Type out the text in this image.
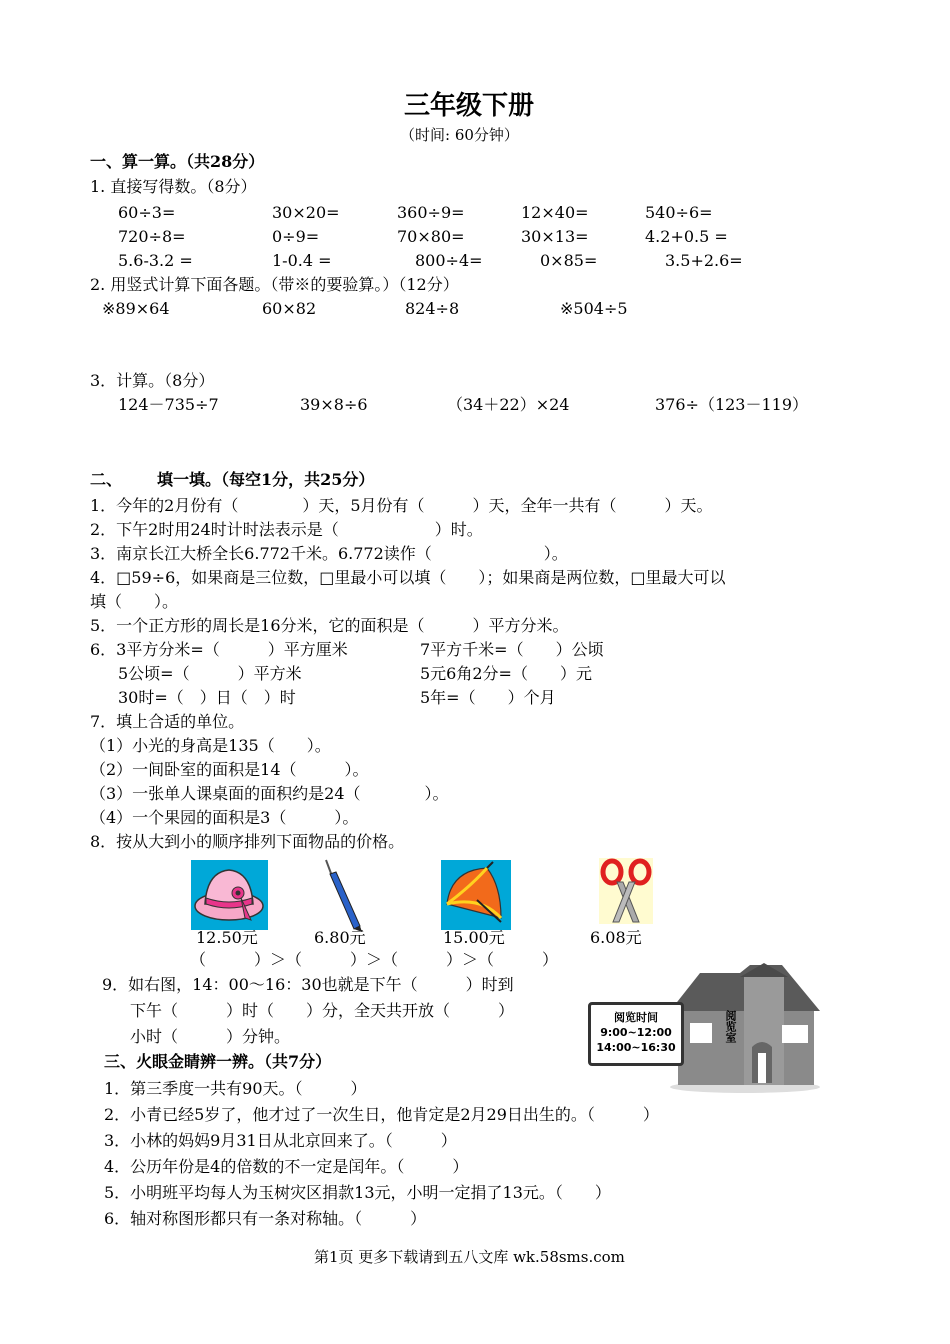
三年级下册
（时间: 60分钟）
一、算一算。（共28分）
1. 直接写得数。（8分）
60÷3=	30×20=	360÷9=	12×40=	540÷6=
720÷8=	0÷9=	70×80=	30×13=	4.2+0.5 =
5.6-3.2 =	1-0.4 =	800÷4=	0×85=	3.5+2.6=
2. 用竖式计算下面各题。（带※的要验算。）（12分）
※89×64	60×82	824÷8	※504÷5
3．计算。（8分）
124－735÷7	39×8÷6	（34＋22）×24	376÷（123－119）
二、 填一填。（每空1分，共25分）
1．今年的2月份有（　　　　）天，5月份有（　　　）天，全年一共有（　　　）天。
2．下午2时用24时计时法表示是（　　　　　　）时。
3．南京长江大桥全长6.772千米。6.772读作（　　　　　　　）。
4．□59÷6，如果商是三位数，□里最小可以填（　　）；如果商是两位数，□里最大可以
填（　　）。
5．一个正方形的周长是16分米，它的面积是（　　　）平方分米。
6．3平方分米=（　　　）平方厘米	7平方千米=（　　）公顷
5公顷=（　　　）平方米	5元6角2分=（　　）元
30时=（　）日（　）时	5年=（　　）个月
7．填上合适的单位。
（1）小光的身高是135（　　）。
（2）一间卧室的面积是14（　　　）。
（3）一张单人课桌面的面积约是24（　　　　）。
（4）一个果园的面积是3（　　　）。
8．按从大到小的顺序排列下面物品的价格。
12.50元	6.80元	15.00元	6.08元
（　　　）＞（　　　）＞（　　　）＞（　　　）
9．如右图，14：00～16：30也就是下午（　　　）时到
下午（　　　）时（　　）分，全天共开放（　　　）
小时（　　　）分钟。	阅览室
阅览时间
9:00~12:00
14:00~16:30
三、火眼金睛辨一辨。（共7分）
1．第三季度一共有90天。（　　　）
2．小青已经5岁了，他才过了一次生日，他肯定是2月29日出生的。（　　　）
3．小林的妈妈9月31日从北京回来了。（　　　）
4．公历年份是4的倍数的不一定是闰年。（　　　）
5．小明班平均每人为玉树灾区捐款13元，小明一定捐了13元。（　　）
6．轴对称图形都只有一条对称轴。（　　　）
第1页 更多下载请到五八文库 wk.58sms.com
